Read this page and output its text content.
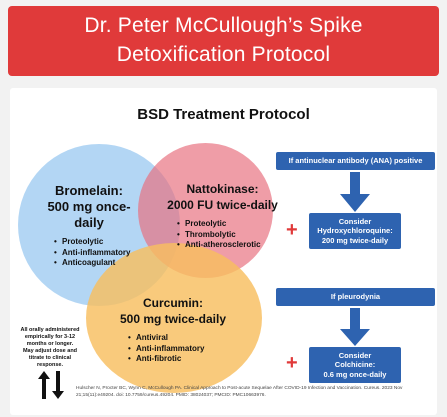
Dr. Peter McCullough’s Spike
Detoxification Protocol
BSD Treatment Protocol
Bromelain:
500 mg once-daily
• Proteolytic
• Anti-inflammatory
• Anticoagulant
Nattokinase:
2000 FU twice-daily
• Proteolytic
• Thrombolytic
• Anti-atherosclerotic
Curcumin:
500 mg twice-daily
• Antiviral
• Anti-inflammatory
• Anti-fibrotic
If antinuclear antibody (ANA) positive
Consider
Hydroxychloroquine:
200 mg twice-daily
+
If pleurodynia
Consider
Colchicine:
0.6 mg once-daily
+
All orally administered empirically for 3-12 months or longer.
May adjust dose and titrate to clinical response.
Hulscher N, Procter BC, Wynn C, McCullough PA. Clinical Approach to Post-acute Sequelae After COVID-19 Infection and Vaccination. Cureus. 2023 Nov 21;15(11):e49204. doi: 10.7759/cureus.49204. PMID: 38024037; PMCID: PMC10663976.
